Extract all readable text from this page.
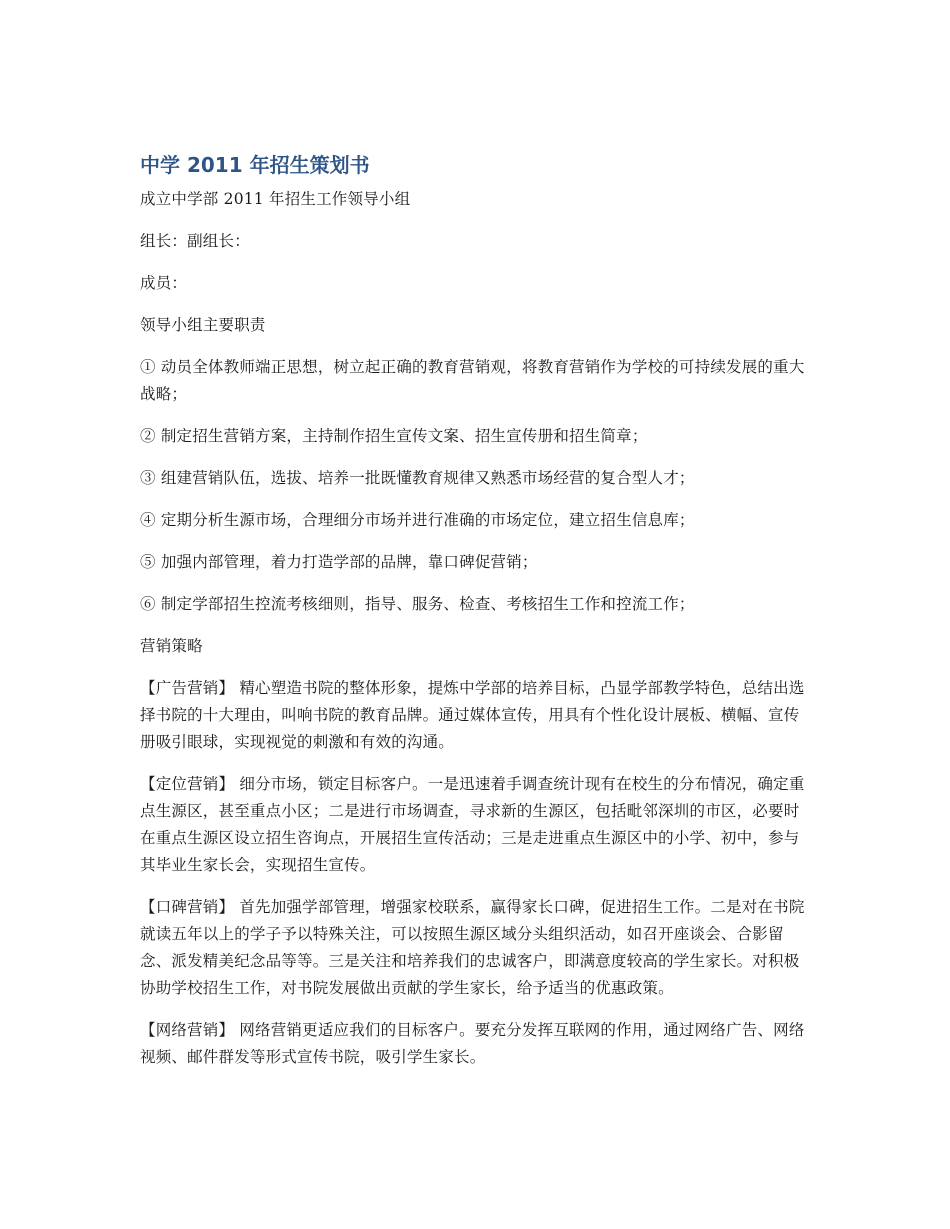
中学 2011 年招生策划书

成立中学部 2011 年招生工作领导小组

组长：副组长：

成员：

领导小组主要职责

① 动员全体教师端正思想，树立起正确的教育营销观，将教育营销作为学校的可持续发展的重大战略；

② 制定招生营销方案，主持制作招生宣传文案、招生宣传册和招生简章；

③ 组建营销队伍，选拔、培养一批既懂教育规律又熟悉市场经营的复合型人才；

④ 定期分析生源市场，合理细分市场并进行准确的市场定位，建立招生信息库；

⑤ 加强内部管理，着力打造学部的品牌，靠口碑促营销；

⑥ 制定学部招生控流考核细则，指导、服务、检查、考核招生工作和控流工作；

营销策略

【广告营销】 精心塑造书院的整体形象，提炼中学部的培养目标，凸显学部教学特色，总结出选择书院的十大理由，叫响书院的教育品牌。通过媒体宣传，用具有个性化设计展板、横幅、宣传册吸引眼球，实现视觉的刺激和有效的沟通。

【定位营销】 细分市场，锁定目标客户。一是迅速着手调查统计现有在校生的分布情况，确定重点生源区，甚至重点小区；二是进行市场调查，寻求新的生源区，包括毗邻深圳的市区，必要时在重点生源区设立招生咨询点，开展招生宣传活动；三是走进重点生源区中的小学、初中，参与其毕业生家长会，实现招生宣传。

【口碑营销】 首先加强学部管理，增强家校联系，赢得家长口碑，促进招生工作。二是对在书院就读五年以上的学子予以特殊关注，可以按照生源区域分头组织活动，如召开座谈会、合影留念、派发精美纪念品等等。三是关注和培养我们的忠诚客户，即满意度较高的学生家长。对积极协助学校招生工作，对书院发展做出贡献的学生家长，给予适当的优惠政策。

【网络营销】 网络营销更适应我们的目标客户。要充分发挥互联网的作用，通过网络广告、网络视频、邮件群发等形式宣传书院，吸引学生家长。
